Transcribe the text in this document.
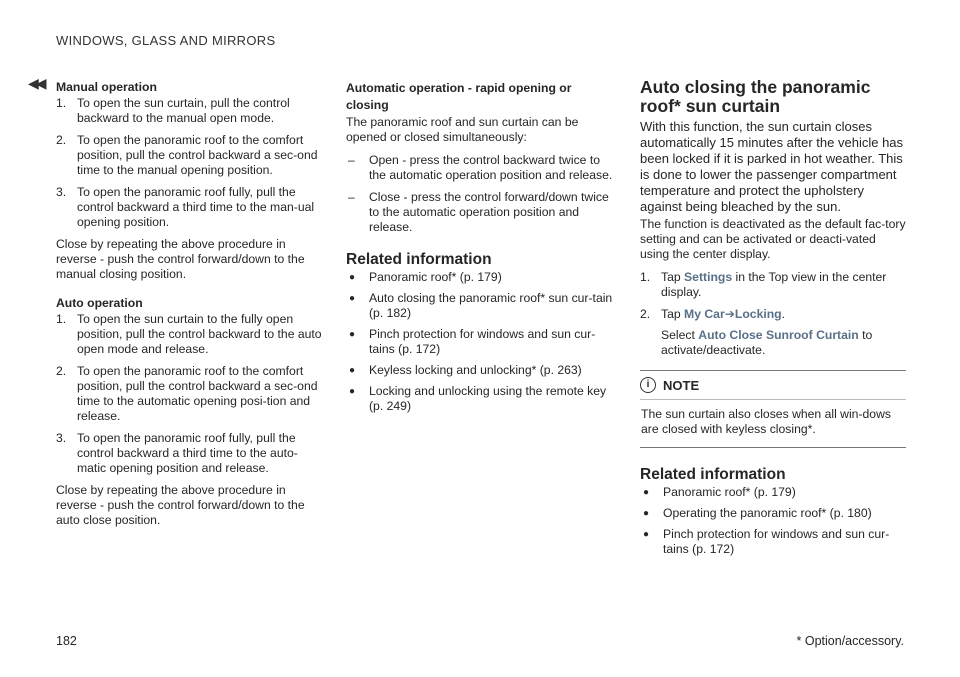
WINDOWS, GLASS AND MIRRORS
◀◀ Manual operation
1. To open the sun curtain, pull the control backward to the manual open mode.
2. To open the panoramic roof to the comfort position, pull the control backward a sec-ond time to the manual opening position.
3. To open the panoramic roof fully, pull the control backward a third time to the man-ual opening position.

Close by repeating the above procedure in reverse - push the control forward/down to the manual closing position.

Auto operation
1. To open the sun curtain to the fully open position, pull the control backward to the auto open mode and release.
2. To open the panoramic roof to the comfort position, pull the control backward a sec-ond time to the automatic opening posi-tion and release.
3. To open the panoramic roof fully, pull the control backward a third time to the auto-matic opening position and release.

Close by repeating the above procedure in reverse - push the control forward/down to the auto close position.

Automatic operation - rapid opening or closing

The panoramic roof and sun curtain can be opened or closed simultaneously:

– Open - press the control backward twice to the automatic operation position and release.
– Close - press the control forward/down twice to the automatic operation position and release.
Related information
● Panoramic roof* (p. 179)
● Auto closing the panoramic roof* sun cur-tain (p. 182)
● Pinch protection for windows and sun cur-tains (p. 172)
● Keyless locking and unlocking* (p. 263)
● Locking and unlocking using the remote key (p. 249)
Auto closing the panoramic roof* sun curtain

With this function, the sun curtain closes automatically 15 minutes after the vehicle has been locked if it is parked in hot weather. This is done to lower the passenger compartment temperature and protect the upholstery against being bleached by the sun.

The function is deactivated as the default fac-tory setting and can be activated or deacti-vated using the center display.

1. Tap Settings in the Top view in the center display.
2. Tap My Car➔Locking.
Select Auto Close Sunroof Curtain to activate/deactivate.
i	NOTE
The sun curtain also closes when all win-dows are closed with keyless closing*.
Related information
● Panoramic roof* (p. 179)
● Operating the panoramic roof* (p. 180)
● Pinch protection for windows and sun cur-tains (p. 172)
182	* Option/accessory.
